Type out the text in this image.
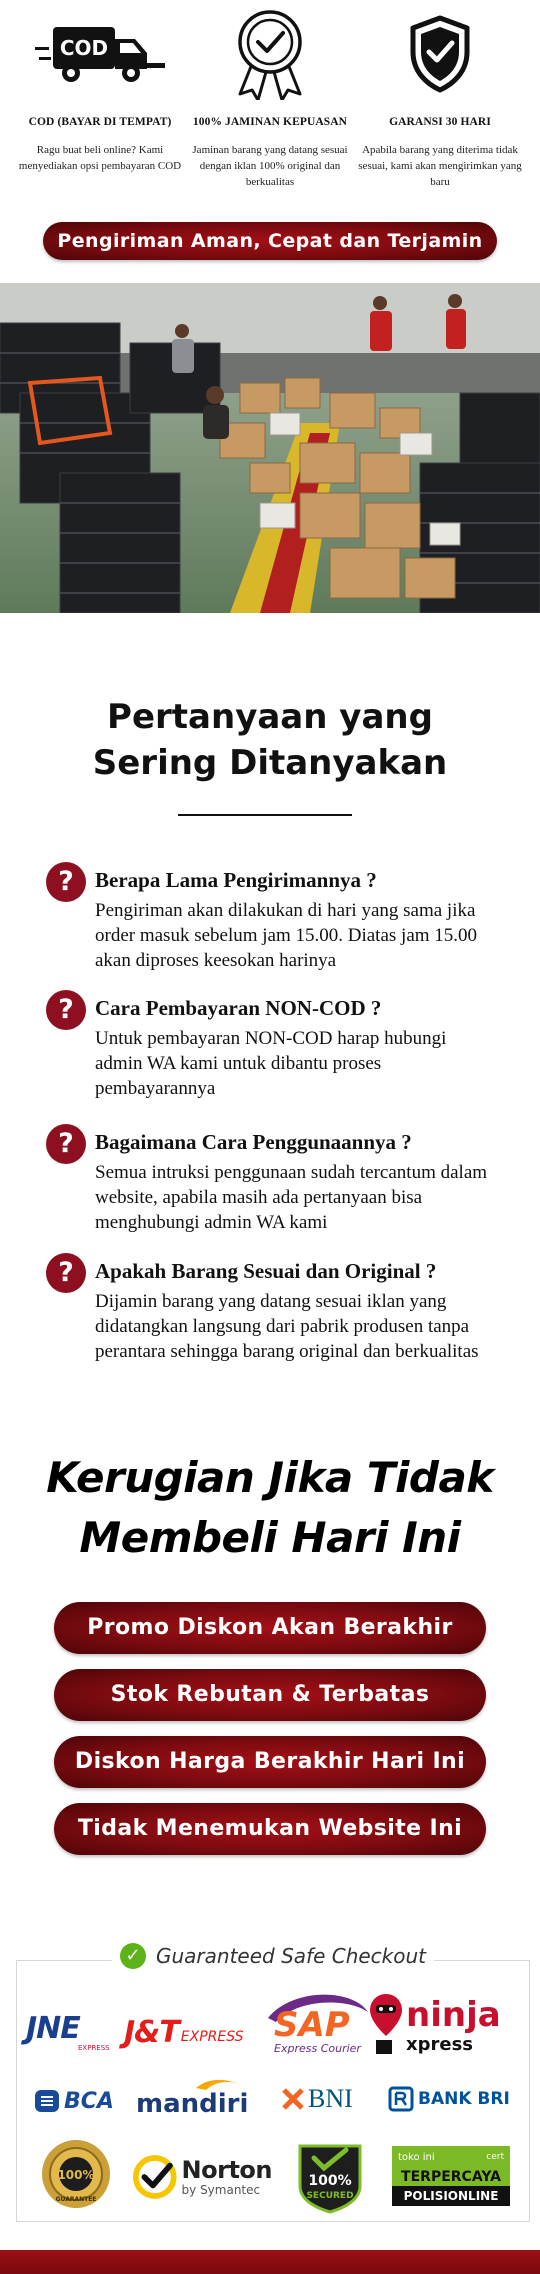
COD
COD (BAYAR DI TEMPAT)
Ragu buat beli online? Kami menyediakan opsi pembayaran COD
100% JAMINAN KEPUASAN
Jaminan barang yang datang sesuai dengan iklan 100% original dan berkualitas
GARANSI 30 HARI
Apabila barang yang diterima tidak sesuai, kami akan mengirimkan yang baru
Pengiriman Aman, Cepat dan Terjamin
Pertanyaan yang
Sering Ditanyakan
?	Berapa Lama Pengirimannya ?
Pengiriman akan dilakukan di hari yang sama jika order masuk sebelum jam 15.00. Diatas jam 15.00 akan diproses keesokan harinya
?	Cara Pembayaran NON-COD ?
Untuk pembayaran NON-COD harap hubungi admin WA kami untuk dibantu proses pembayarannya
?	Bagaimana Cara Penggunaannya ?
Semua intruksi penggunaan sudah tercantum dalam website, apabila masih ada pertanyaan bisa menghubungi admin WA kami
?	Apakah Barang Sesuai dan Original ?
Dijamin barang yang datang sesuai iklan yang didatangkan langsung dari pabrik produsen tanpa perantara sehingga barang original dan berkualitas
Kerugian Jika Tidak
Membeli Hari Ini
Promo Diskon Akan Berakhir
Stok Rebutan & Terbatas
Diskon Harga Berakhir Hari Ini
Tidak Menemukan Website Ini
✓ Guaranteed Safe Checkout
JNE
EXPRESS J&T EXPRESS SAP
Express Courier
ninja
xpress
BCA mandiri BNI	BANK BRI
100%
GUARANTEE
Norton
by Symantec
100%
SECURED
toko ini	cert
TERPERCAYA
POLISIONLINE
